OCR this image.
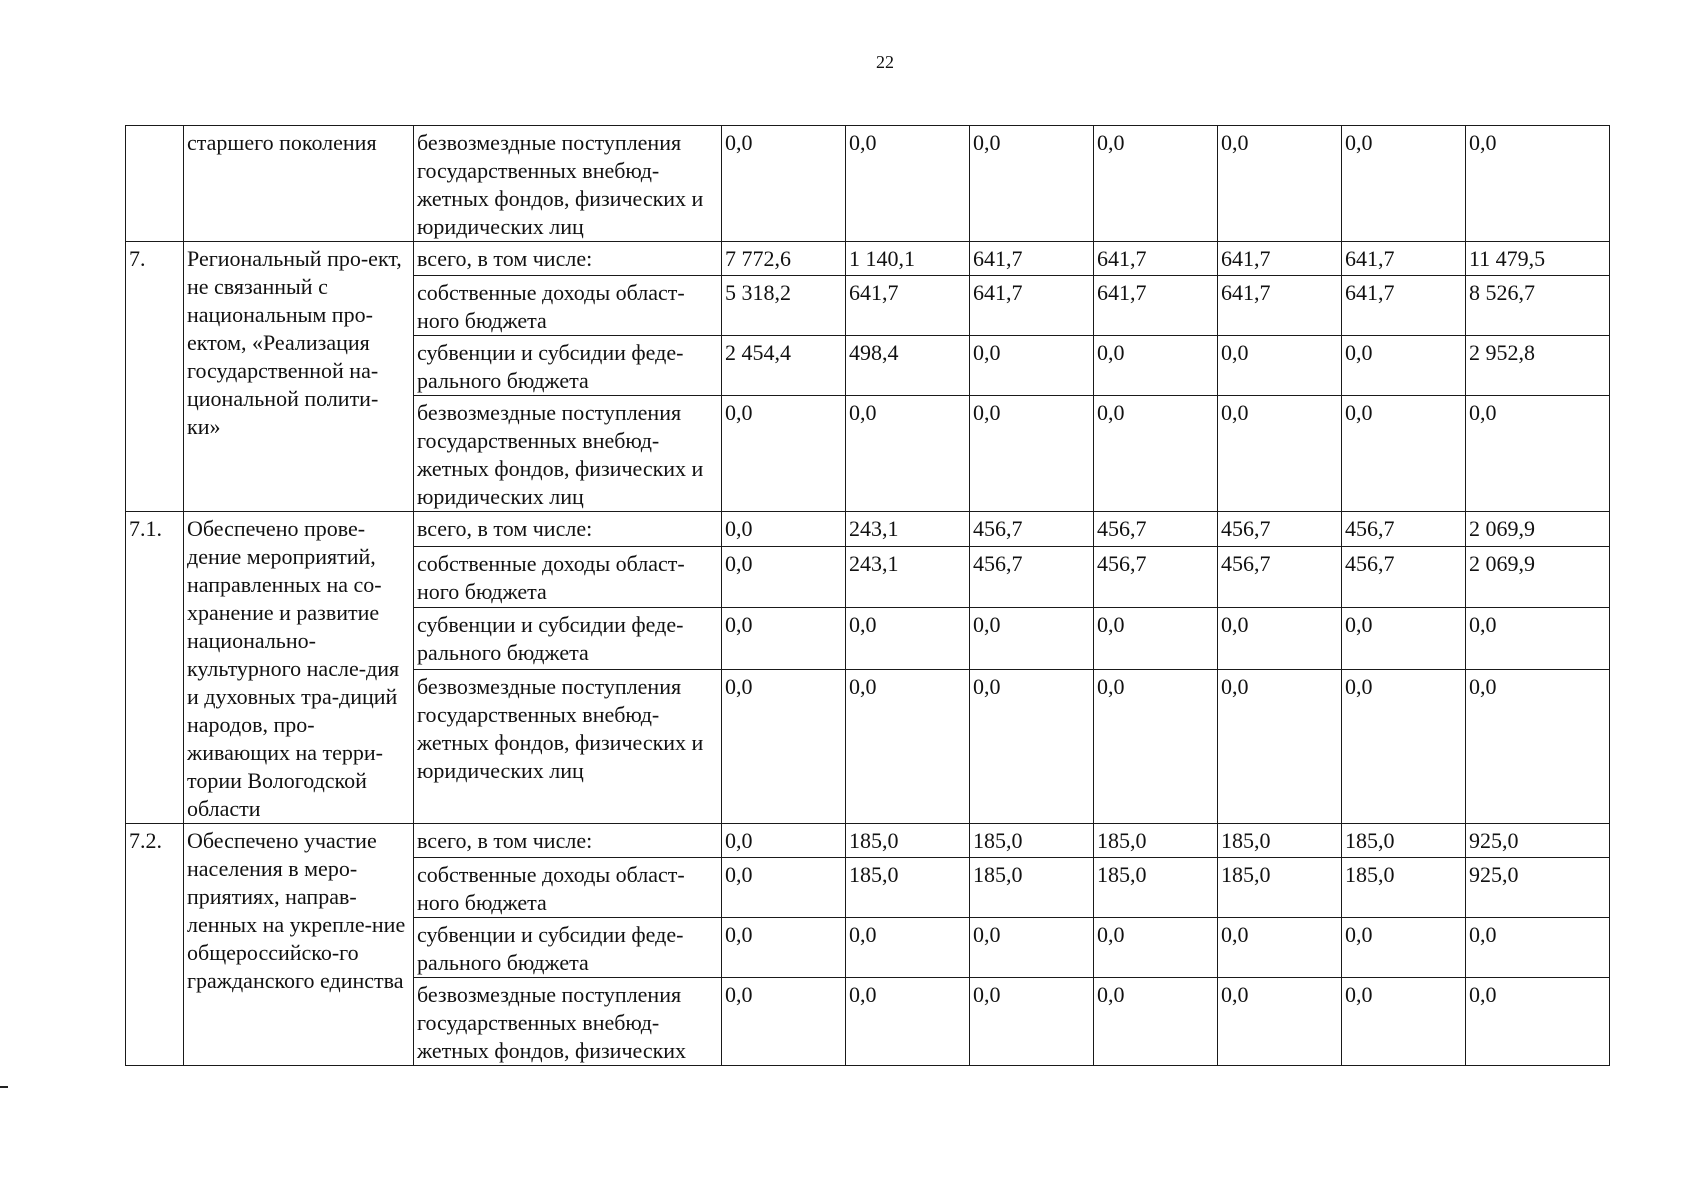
22
	старшего поколения	безвозмездные поступления государственных внебюд-жетных фондов, физических и юридических лиц	0,0	0,0	0,0	0,0	0,0	0,0	0,0
7.	Региональный про-ект, не связанный с национальным про-ектом, «Реализация государственной на-циональной полити-ки»	всего, в том числе:	7 772,6	1 140,1	641,7	641,7	641,7	641,7	11 479,5
		собственные доходы област-ного бюджета	5 318,2	641,7	641,7	641,7	641,7	641,7	8 526,7
		субвенции и субсидии феде-рального бюджета	2 454,4	498,4	0,0	0,0	0,0	0,0	2 952,8
		безвозмездные поступления государственных внебюд-жетных фондов, физических и юридических лиц	0,0	0,0	0,0	0,0	0,0	0,0	0,0
7.1.	Обеспечено прове-дение мероприятий, направленных на со-хранение и развитие национально-культурного насле-дия и духовных тра-диций народов, про-живающих на терри-тории Вологодской области	всего, в том числе:	0,0	243,1	456,7	456,7	456,7	456,7	2 069,9
		собственные доходы област-ного бюджета	0,0	243,1	456,7	456,7	456,7	456,7	2 069,9
		субвенции и субсидии феде-рального бюджета	0,0	0,0	0,0	0,0	0,0	0,0	0,0
		безвозмездные поступления государственных внебюд-жетных фондов, физических и юридических лиц	0,0	0,0	0,0	0,0	0,0	0,0	0,0
7.2.	Обеспечено участие населения в меро-приятиях, направ-ленных на укрепле-ние общероссийско-го гражданского единства	всего, в том числе:	0,0	185,0	185,0	185,0	185,0	185,0	925,0
		собственные доходы област-ного бюджета	0,0	185,0	185,0	185,0	185,0	185,0	925,0
		субвенции и субсидии феде-рального бюджета	0,0	0,0	0,0	0,0	0,0	0,0	0,0
		безвозмездные поступления государственных внебюд-жетных фондов, физических	0,0	0,0	0,0	0,0	0,0	0,0	0,0
